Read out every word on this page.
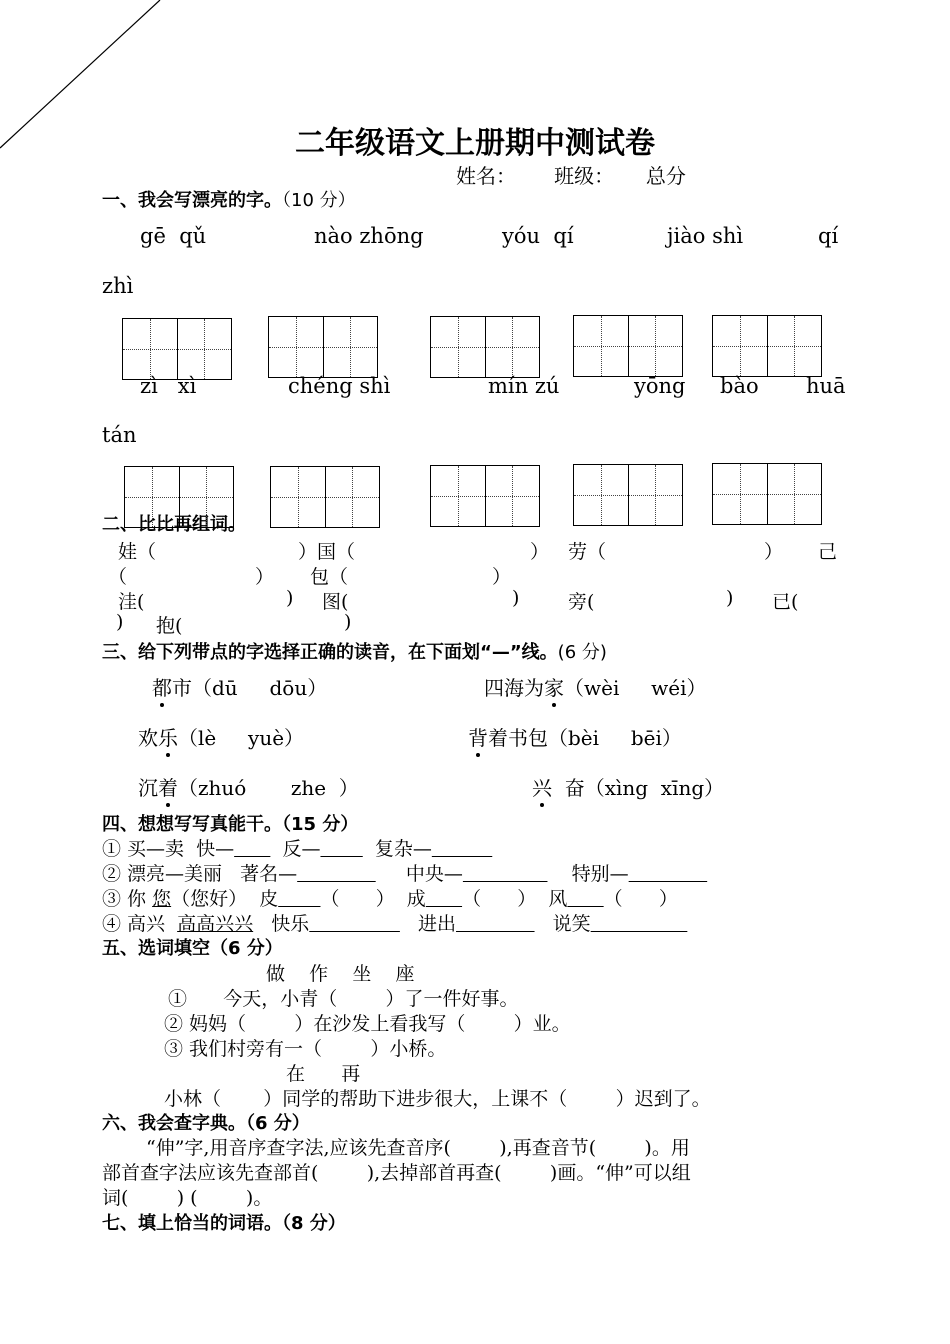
二年级语文上册期中测试卷
姓名：      班级：     总分
一、我会写漂亮的字。（10 分）
gē  qǔ	nào zhōng	yóu  qí	jiào shì	qí
zhì
zì   xì	chéng shì	mín zú	yōng bào huā
tán
二、比比再组词。
娃（	）国（	） 劳（	） 己
（	） 包（	）
洼(	) 图(	)	旁(	) 已(
) 抱(	)
三、给下列带点的字选择正确的读音，在下面划“—”线。(6 分)
都市（dū     dōu）	四海为家（wèi     wéi）
欢乐（lè     yuè）	背着书包（bèi     bēi）
沉着（zhuó       zhe  ）	兴  奋（xìng  xīng）
四、想想写写真能干。（15 分）
① 买—卖  快—        反—         复杂—
② 漂亮—美丽   著名—	中央—	特别—
③ 你 您（您好）  皮 （      ）  成 （      ）  风 （      ）
④ 高兴 高高兴兴 快乐	进出	说笑
五、选词填空（6 分）
做    作    坐    座
①      今天，小青（        ）了一件好事。
② 妈妈（        ）在沙发上看我写（        ）业。
③ 我们村旁有一（        ）小桥。
在      再
小林（       ）同学的帮助下进步很大，上课不（        ）迟到了。
六、我会查字典。（6 分）
“伸”字,用音序查字法,应该先查音序(        ),再查音节(        )。用
部首查字法应该先查部首(        ),去掉部首再查(        )画。“伸”可以组
词(        ) (        )。
七、填上恰当的词语。（8 分）
